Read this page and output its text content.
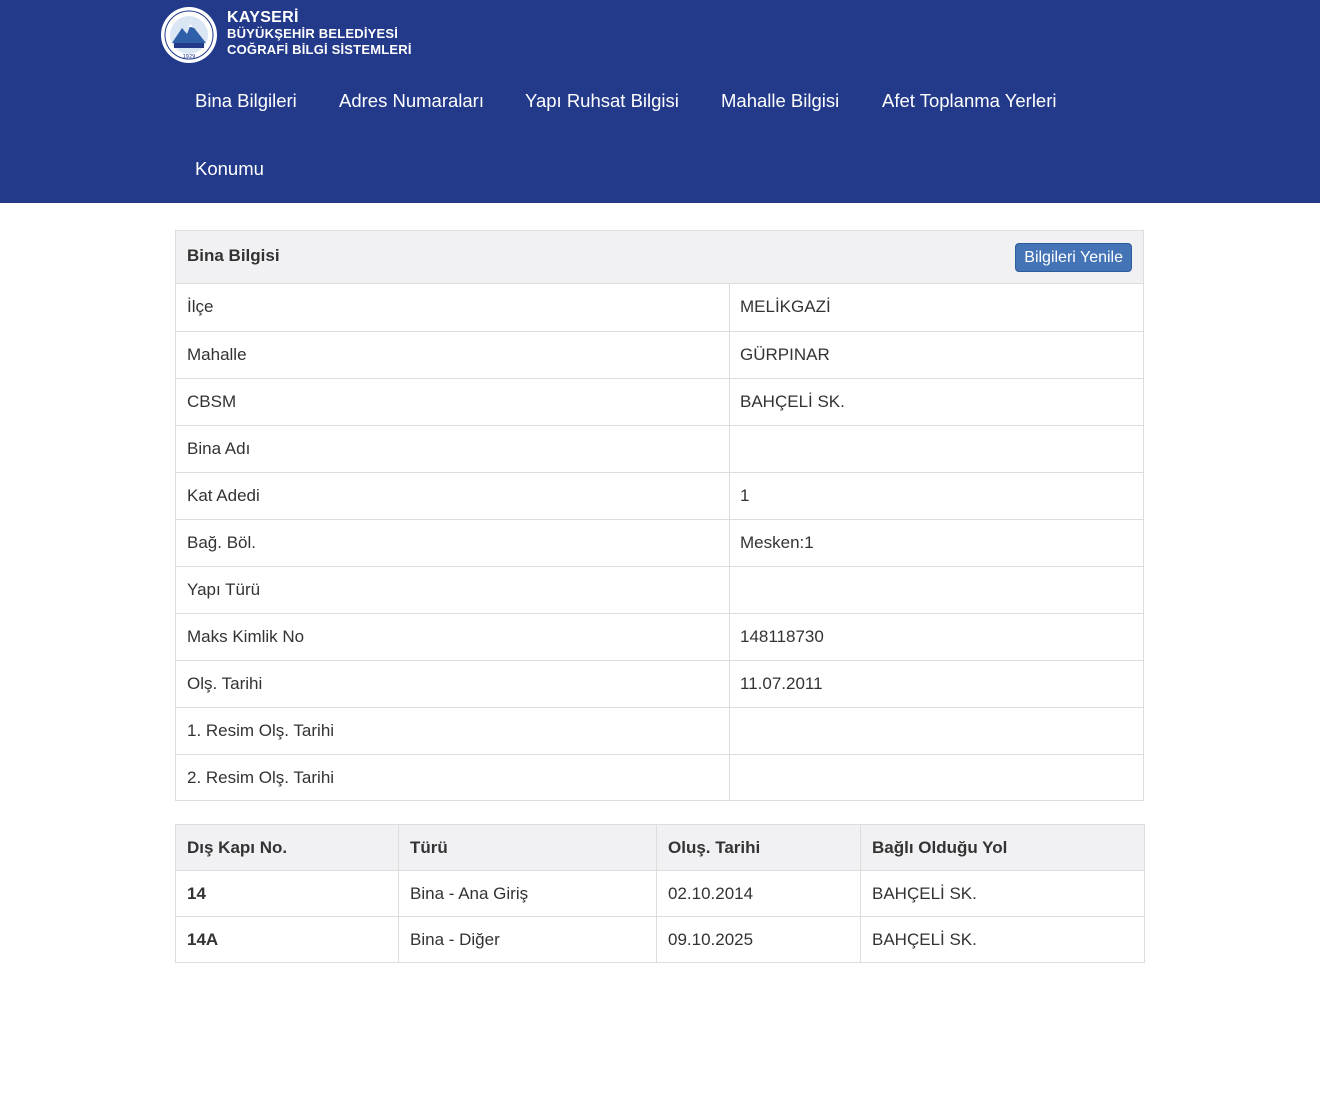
1929
KAYSERİ
BÜYÜKŞEHİR BELEDİYESİ
COĞRAFİ BİLGİ SİSTEMLERİ
Bina Bilgileri Adres Numaraları Yapı Ruhsat Bilgisi Mahalle Bilgisi Afet Toplanma Yerleri
Konumu
Bina Bilgisi	Bilgileri Yenile
İlçe	MELİKGAZİ
Mahalle	GÜRPINAR
CBSM	BAHÇELİ SK.
Bina Adı
Kat Adedi	1
Bağ. Böl.	Mesken:1
Yapı Türü
Maks Kimlik No	148118730
Olş. Tarihi	11.07.2011
1. Resim Olş. Tarihi
2. Resim Olş. Tarihi
Dış Kapı No.	Türü	Oluş. Tarihi	Bağlı Olduğu Yol
14	Bina - Ana Giriş	02.10.2014	BAHÇELİ SK.
14A	Bina - Diğer	09.10.2025	BAHÇELİ SK.
